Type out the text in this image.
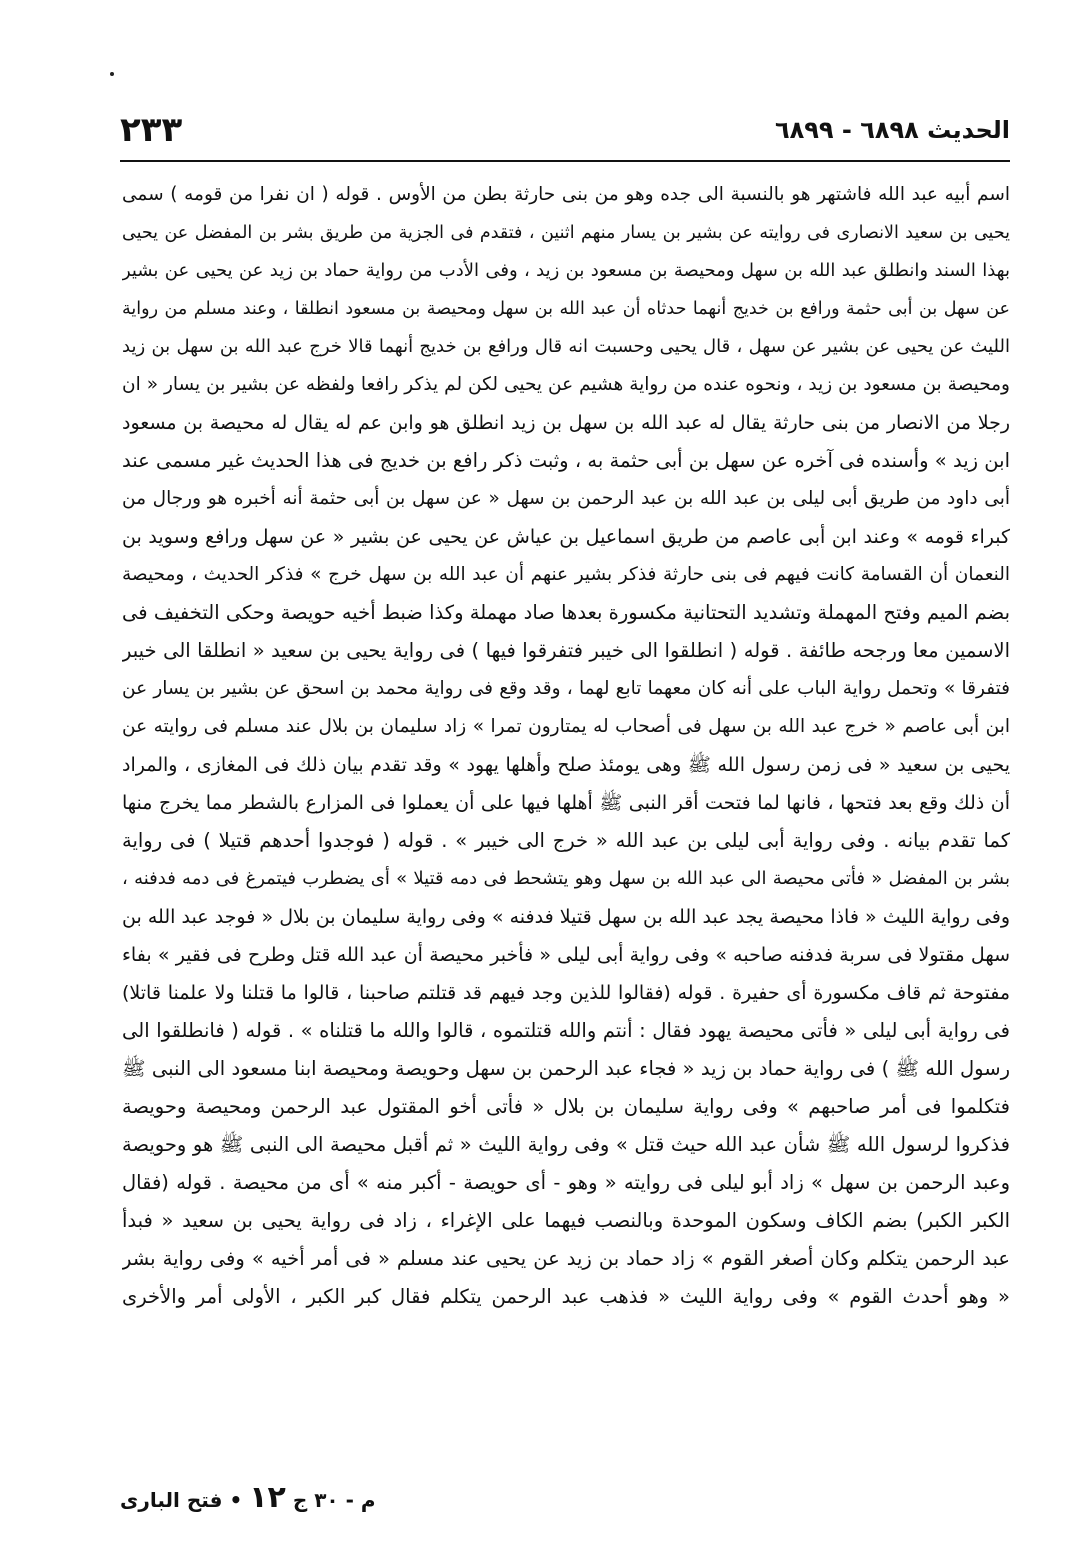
الحديث ٦٨٩٨ - ٦٨٩٩
٢٣٣
اسم أبيه عبد الله فاشتهر هو بالنسبة الى جده وهو من بنى حارثة بطن من الأوس . قوله ( ان نفرا من قومه ) سمى
يحيى بن سعيد الانصارى فى روايته عن بشير بن يسار منهم اثنين ، فتقدم فى الجزية من طريق بشر بن المفضل عن يحيى
بهذا السند وانطلق عبد الله بن سهل ومحيصة بن مسعود بن زيد ، وفى الأدب من رواية حماد بن زيد عن يحيى عن بشير
عن سهل بن أبى حثمة ورافع بن خديج أنهما حدثاه أن عبد الله بن سهل ومحيصة بن مسعود انطلقا ، وعند مسلم من رواية
الليث عن يحيى عن بشير عن سهل ، قال يحيى وحسبت انه قال ورافع بن خديج أنهما قالا خرج عبد الله بن سهل بن زيد
ومحيصة بن مسعود بن زيد ، ونحوه عنده من رواية هشيم عن يحيى لكن لم يذكر رافعا ولفظه عن بشير بن يسار « ان
رجلا من الانصار من بنى حارثة يقال له عبد الله بن سهل بن زيد انطلق هو وابن عم له يقال له محيصة بن مسعود
ابن زيد » وأسنده فى آخره عن سهل بن أبى حثمة به ، وثبت ذكر رافع بن خديج فى هذا الحديث غير مسمى عند
أبى داود من طريق أبى ليلى بن عبد الله بن عبد الرحمن بن سهل « عن سهل بن أبى حثمة أنه أخبره هو ورجال من
كبراء قومه » وعند ابن أبى عاصم من طريق اسماعيل بن عياش عن يحيى عن بشير « عن سهل ورافع وسويد بن
النعمان أن القسامة كانت فيهم فى بنى حارثة فذكر بشير عنهم أن عبد الله بن سهل خرج » فذكر الحديث ، ومحيصة
بضم الميم وفتح المهملة وتشديد التحتانية مكسورة بعدها صاد مهملة وكذا ضبط أخيه حويصة وحكى التخفيف فى
الاسمين معا ورجحه طائفة . قوله ( انطلقوا الى خيبر فتفرقوا فيها ) فى رواية يحيى بن سعيد « انطلقا الى خيبر
فتفرقا » وتحمل رواية الباب على أنه كان معهما تابع لهما ، وقد وقع فى رواية محمد بن اسحق عن بشير بن يسار عن
ابن أبى عاصم « خرج عبد الله بن سهل فى أصحاب له يمتارون تمرا » زاد سليمان بن بلال عند مسلم فى روايته عن
يحيى بن سعيد « فى زمن رسول الله ﷺ وهى يومئذ صلح وأهلها يهود » وقد تقدم بيان ذلك فى المغازى ، والمراد
أن ذلك وقع بعد فتحها ، فانها لما فتحت أقر النبى ﷺ أهلها فيها على أن يعملوا فى المزارع بالشطر مما يخرج منها
كما تقدم بيانه . وفى رواية أبى ليلى بن عبد الله « خرج الى خيبر » . قوله ( فوجدوا أحدهم قتيلا ) فى رواية
بشر بن المفضل « فأتى محيصة الى عبد الله بن سهل وهو يتشحط فى دمه قتيلا » أى يضطرب فيتمرغ فى دمه فدفنه ،
وفى رواية الليث « فاذا محيصة يجد عبد الله بن سهل قتيلا فدفنه » وفى رواية سليمان بن بلال « فوجد عبد الله بن
سهل مقتولا فى سربة فدفنه صاحبه » وفى رواية أبى ليلى « فأخبر محيصة أن عبد الله قتل وطرح فى فقير » بفاء
مفتوحة ثم قاف مكسورة أى حفيرة . قوله (فقالوا للذين وجد فيهم قد قتلتم صاحبنا ، قالوا ما قتلنا ولا علمنا قاتلا)
فى رواية أبى ليلى « فأتى محيصة يهود فقال : أنتم والله قتلتموه ، قالوا والله ما قتلناه » . قوله ( فانطلقوا الى
رسول الله ﷺ ) فى رواية حماد بن زيد « فجاء عبد الرحمن بن سهل وحويصة ومحيصة ابنا مسعود الى النبى ﷺ
فتكلموا فى أمر صاحبهم » وفى رواية سليمان بن بلال « فأتى أخو المقتول عبد الرحمن ومحيصة وحويصة
فذكروا لرسول الله ﷺ شأن عبد الله حيث قتل » وفى رواية الليث « ثم أقبل محيصة الى النبى ﷺ هو وحويصة
وعبد الرحمن بن سهل » زاد أبو ليلى فى روايته « وهو - أى حويصة - أكبر منه » أى من محيصة . قوله (فقال
الكبر الكبر) بضم الكاف وسكون الموحدة وبالنصب فيهما على الإغراء ، زاد فى رواية يحيى بن سعيد « فبدأ
عبد الرحمن يتكلم وكان أصغر القوم » زاد حماد بن زيد عن يحيى عند مسلم « فى أمر أخيه » وفى رواية بشر
« وهو أحدث القوم » وفى رواية الليث « فذهب عبد الرحمن يتكلم فقال كبر الكبر ، الأولى أمر والأخرى
م - ٣٠ ج ١٢ • فتح البارى
